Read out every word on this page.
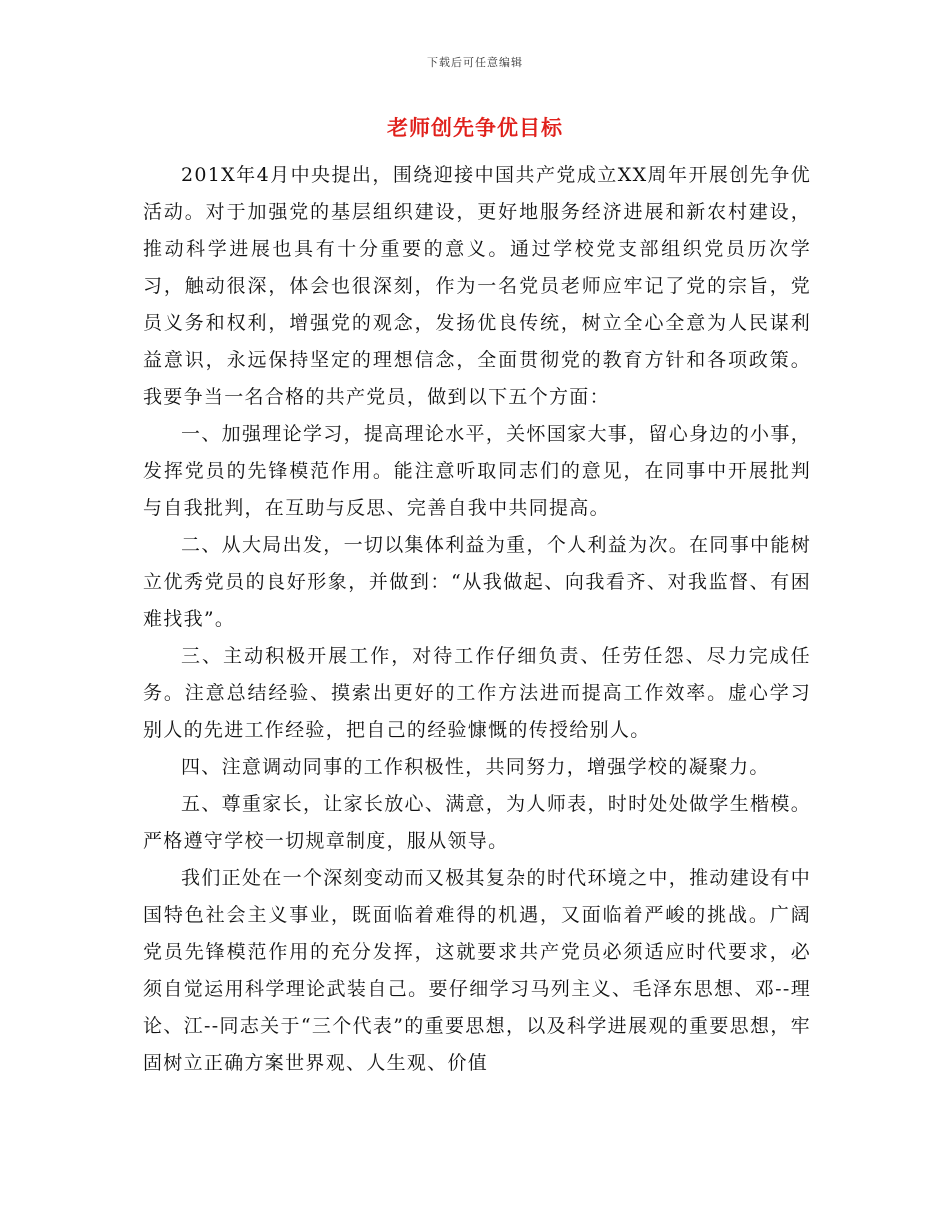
下载后可任意编辑
老师创先争优目标

201X年4月中央提出，围绕迎接中国共产党成立XX周年开展创先争优活动。对于加强党的基层组织建设，更好地服务经济进展和新农村建设，推动科学进展也具有十分重要的意义。通过学校党支部组织党员历次学习，触动很深，体会也很深刻，作为一名党员老师应牢记了党的宗旨，党员义务和权利，增强党的观念，发扬优良传统，树立全心全意为人民谋利益意识，永远保持坚定的理想信念，全面贯彻党的教育方针和各项政策。我要争当一名合格的共产党员，做到以下五个方面：

一、加强理论学习，提高理论水平，关怀国家大事，留心身边的小事，发挥党员的先锋模范作用。能注意听取同志们的意见，在同事中开展批判与自我批判，在互助与反思、完善自我中共同提高。

二、从大局出发，一切以集体利益为重，个人利益为次。在同事中能树立优秀党员的良好形象，并做到：“从我做起、向我看齐、对我监督、有困难找我”。

三、主动积极开展工作，对待工作仔细负责、任劳任怨、尽力完成任务。注意总结经验、摸索出更好的工作方法进而提高工作效率。虚心学习别人的先进工作经验，把自己的经验慷慨的传授给别人。

四、注意调动同事的工作积极性，共同努力，增强学校的凝聚力。

五、尊重家长，让家长放心、满意，为人师表，时时处处做学生楷模。严格遵守学校一切规章制度，服从领导。

我们正处在一个深刻变动而又极其复杂的时代环境之中，推动建设有中国特色社会主义事业，既面临着难得的机遇，又面临着严峻的挑战。广阔党员先锋模范作用的充分发挥，这就要求共产党员必须适应时代要求，必须自觉运用科学理论武装自己。要仔细学习马列主义、毛泽东思想、邓--理论、江--同志关于“三个代表”的重要思想，以及科学进展观的重要思想，牢固树立正确方案世界观、人生观、价值
